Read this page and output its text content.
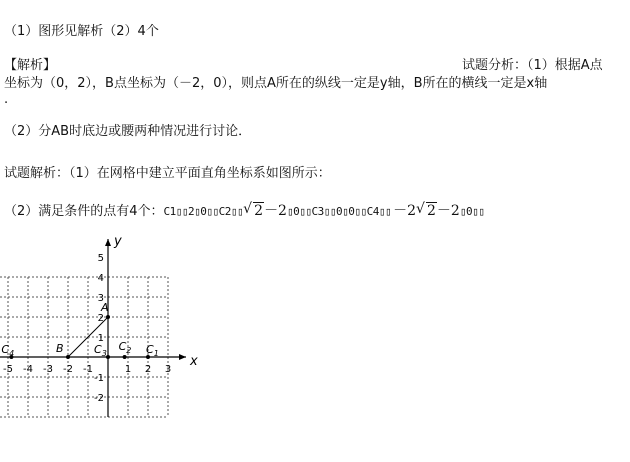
（1）图形见解析（2）4个
【解析】	试题分析：（1）根据A点
坐标为（0，2），B点坐标为（－2，0），则点A所在的纵线一定是y轴，B所在的横线一定是x轴
.
（2）分AB时底边或腰两种情况进行讨论．
试题解析：（1）在网格中建立平面直角坐标系如图所示：
（2）满足条件的点有4个：C1▯▯2▯0▯▯C2▯▯ √ 2－2▯0▯▯C3▯▯0▯0▯▯C4▯▯ －2 √ 2－2▯0▯▯
x
y
-5 -4 -3 -2 -1	1 2 3
5
4
3
2
1
-1
-2
A
B	$C_1$
$C_2$
$C_3$
$C_4$
